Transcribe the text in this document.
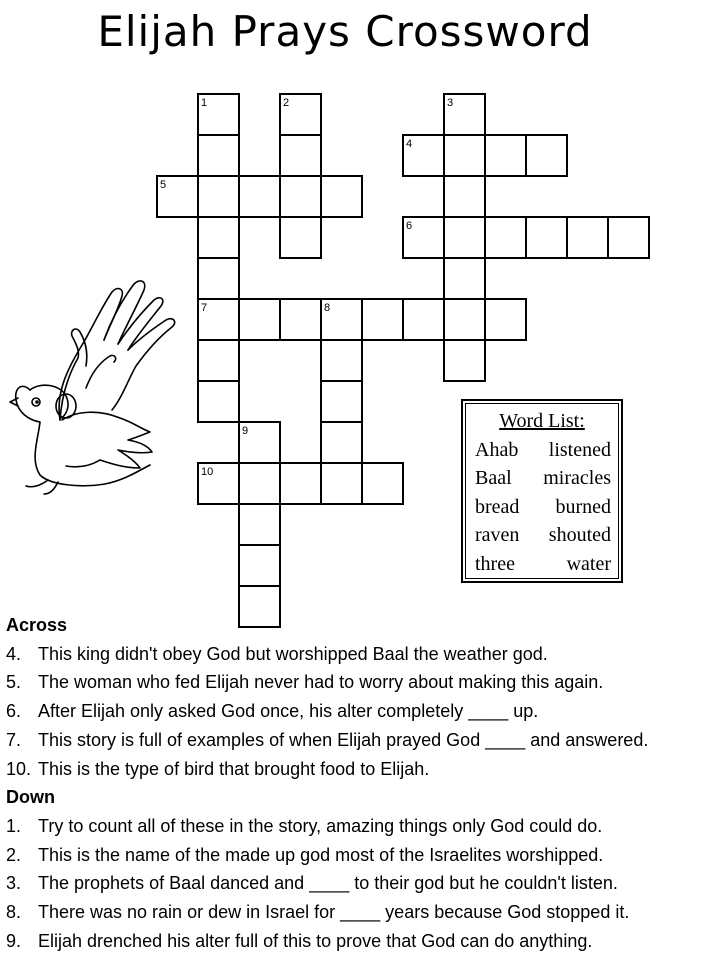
Elijah Prays Crossword
1	2	3
4
5
6
7	8
9
10
Word List:
Ahab listened
Baal miracles
bread burned
raven shouted
three	water
Across
4. This king didn't obey God but worshipped Baal the weather god.
5. The woman who fed Elijah never had to worry about making this again.
6. After Elijah only asked God once, his alter completely ____ up.
7. This story is full of examples of when Elijah prayed God ____ and answered.
10. This is the type of bird that brought food to Elijah.
Down
1. Try to count all of these in the story, amazing things only God could do.
2. This is the name of the made up god most of the Israelites worshipped.
3. The prophets of Baal danced and ____ to their god but he couldn't listen.
8. There was no rain or dew in Israel for ____ years because God stopped it.
9. Elijah drenched his alter full of this to prove that God can do anything.
